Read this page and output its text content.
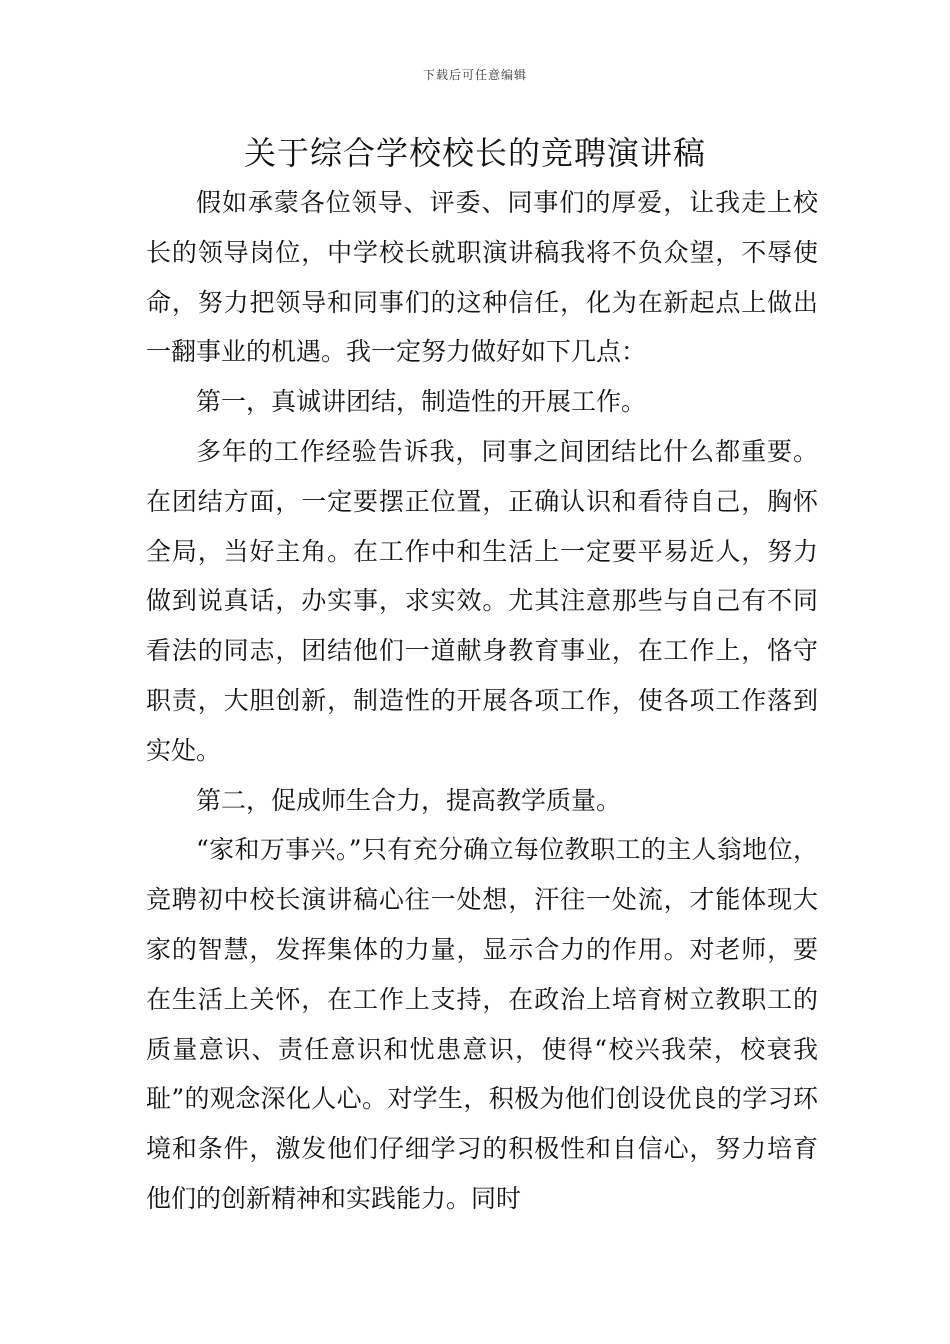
下载后可任意编辑
关于综合学校校长的竞聘演讲稿

假如承蒙各位领导、评委、同事们的厚爱，让我走上校长的领导岗位，中学校长就职演讲稿我将不负众望，不辱使命，努力把领导和同事们的这种信任，化为在新起点上做出一翻事业的机遇。我一定努力做好如下几点：

第一，真诚讲团结，制造性的开展工作。

多年的工作经验告诉我，同事之间团结比什么都重要。在团结方面，一定要摆正位置，正确认识和看待自己，胸怀全局，当好主角。在工作中和生活上一定要平易近人，努力做到说真话，办实事，求实效。尤其注意那些与自己有不同看法的同志，团结他们一道献身教育事业，在工作上，恪守职责，大胆创新，制造性的开展各项工作，使各项工作落到实处。

第二，促成师生合力，提高教学质量。

“家和万事兴。”只有充分确立每位教职工的主人翁地位，竞聘初中校长演讲稿心往一处想，汗往一处流，才能体现大家的智慧，发挥集体的力量，显示合力的作用。对老师，要在生活上关怀，在工作上支持，在政治上培育树立教职工的质量意识、责任意识和忧患意识，使得“校兴我荣，校衰我耻”的观念深化人心。对学生，积极为他们创设优良的学习环境和条件，激发他们仔细学习的积极性和自信心，努力培育他们的创新精神和实践能力。同时
